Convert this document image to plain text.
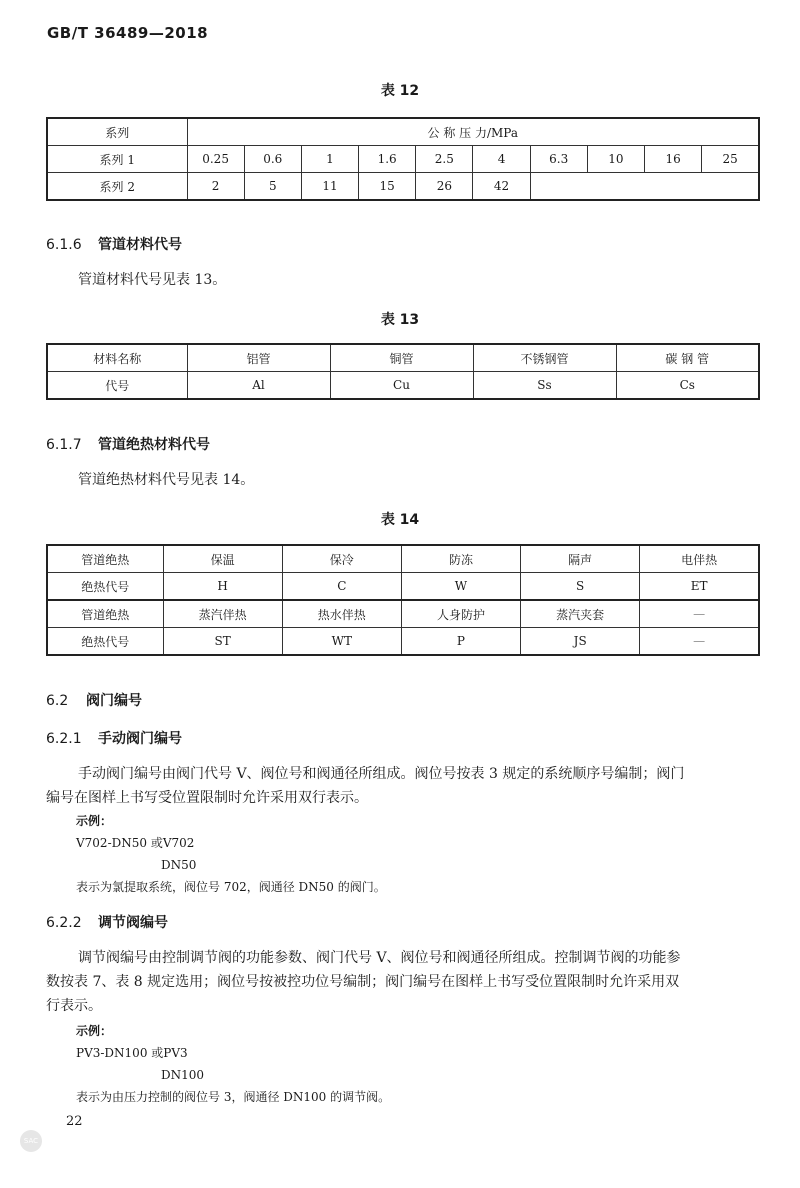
GB/T 36489—2018
表 12
系列	公 称 压 力/MPa									
系列 1	0.25	0.6	1	1.6	2.5	4	6.3	10	16	25
系列 2	2	5	11	15	26	42				
6.1.6 管道材料代号
管道材料代号见表 13。
表 13
材料名称	铝管	铜管	不锈钢管	碳 钢 管
代号	Al	Cu	Ss	Cs
6.1.7 管道绝热材料代号
管道绝热材料代号见表 14。
表 14
管道绝热	保温	保冷	防冻	隔声	电伴热
绝热代号	H	C	W	S	ET
管道绝热	蒸汽伴热	热水伴热	人身防护	蒸汽夹套	—
绝热代号	ST	WT	P	JS	—
6.2 阀门编号
6.2.1 手动阀门编号
手动阀门编号由阀门代号 V、阀位号和阀通径所组成。阀位号按表 3 规定的系统顺序号编制；阀门
编号在图样上书写受位置限制时允许采用双行表示。
示例：
V702-DN50 或V702
DN50
表示为氯提取系统，阀位号 702，阀通径 DN50 的阀门。
6.2.2 调节阀编号
调节阀编号由控制调节阀的功能参数、阀门代号 V、阀位号和阀通径所组成。控制调节阀的功能参
数按表 7、表 8 规定选用；阀位号按被控功位号编制；阀门编号在图样上书写受位置限制时允许采用双
行表示。
示例：
PV3-DN100 或PV3
DN100
表示为由压力控制的阀位号 3，阀通径 DN100 的调节阀。
22
SAC
